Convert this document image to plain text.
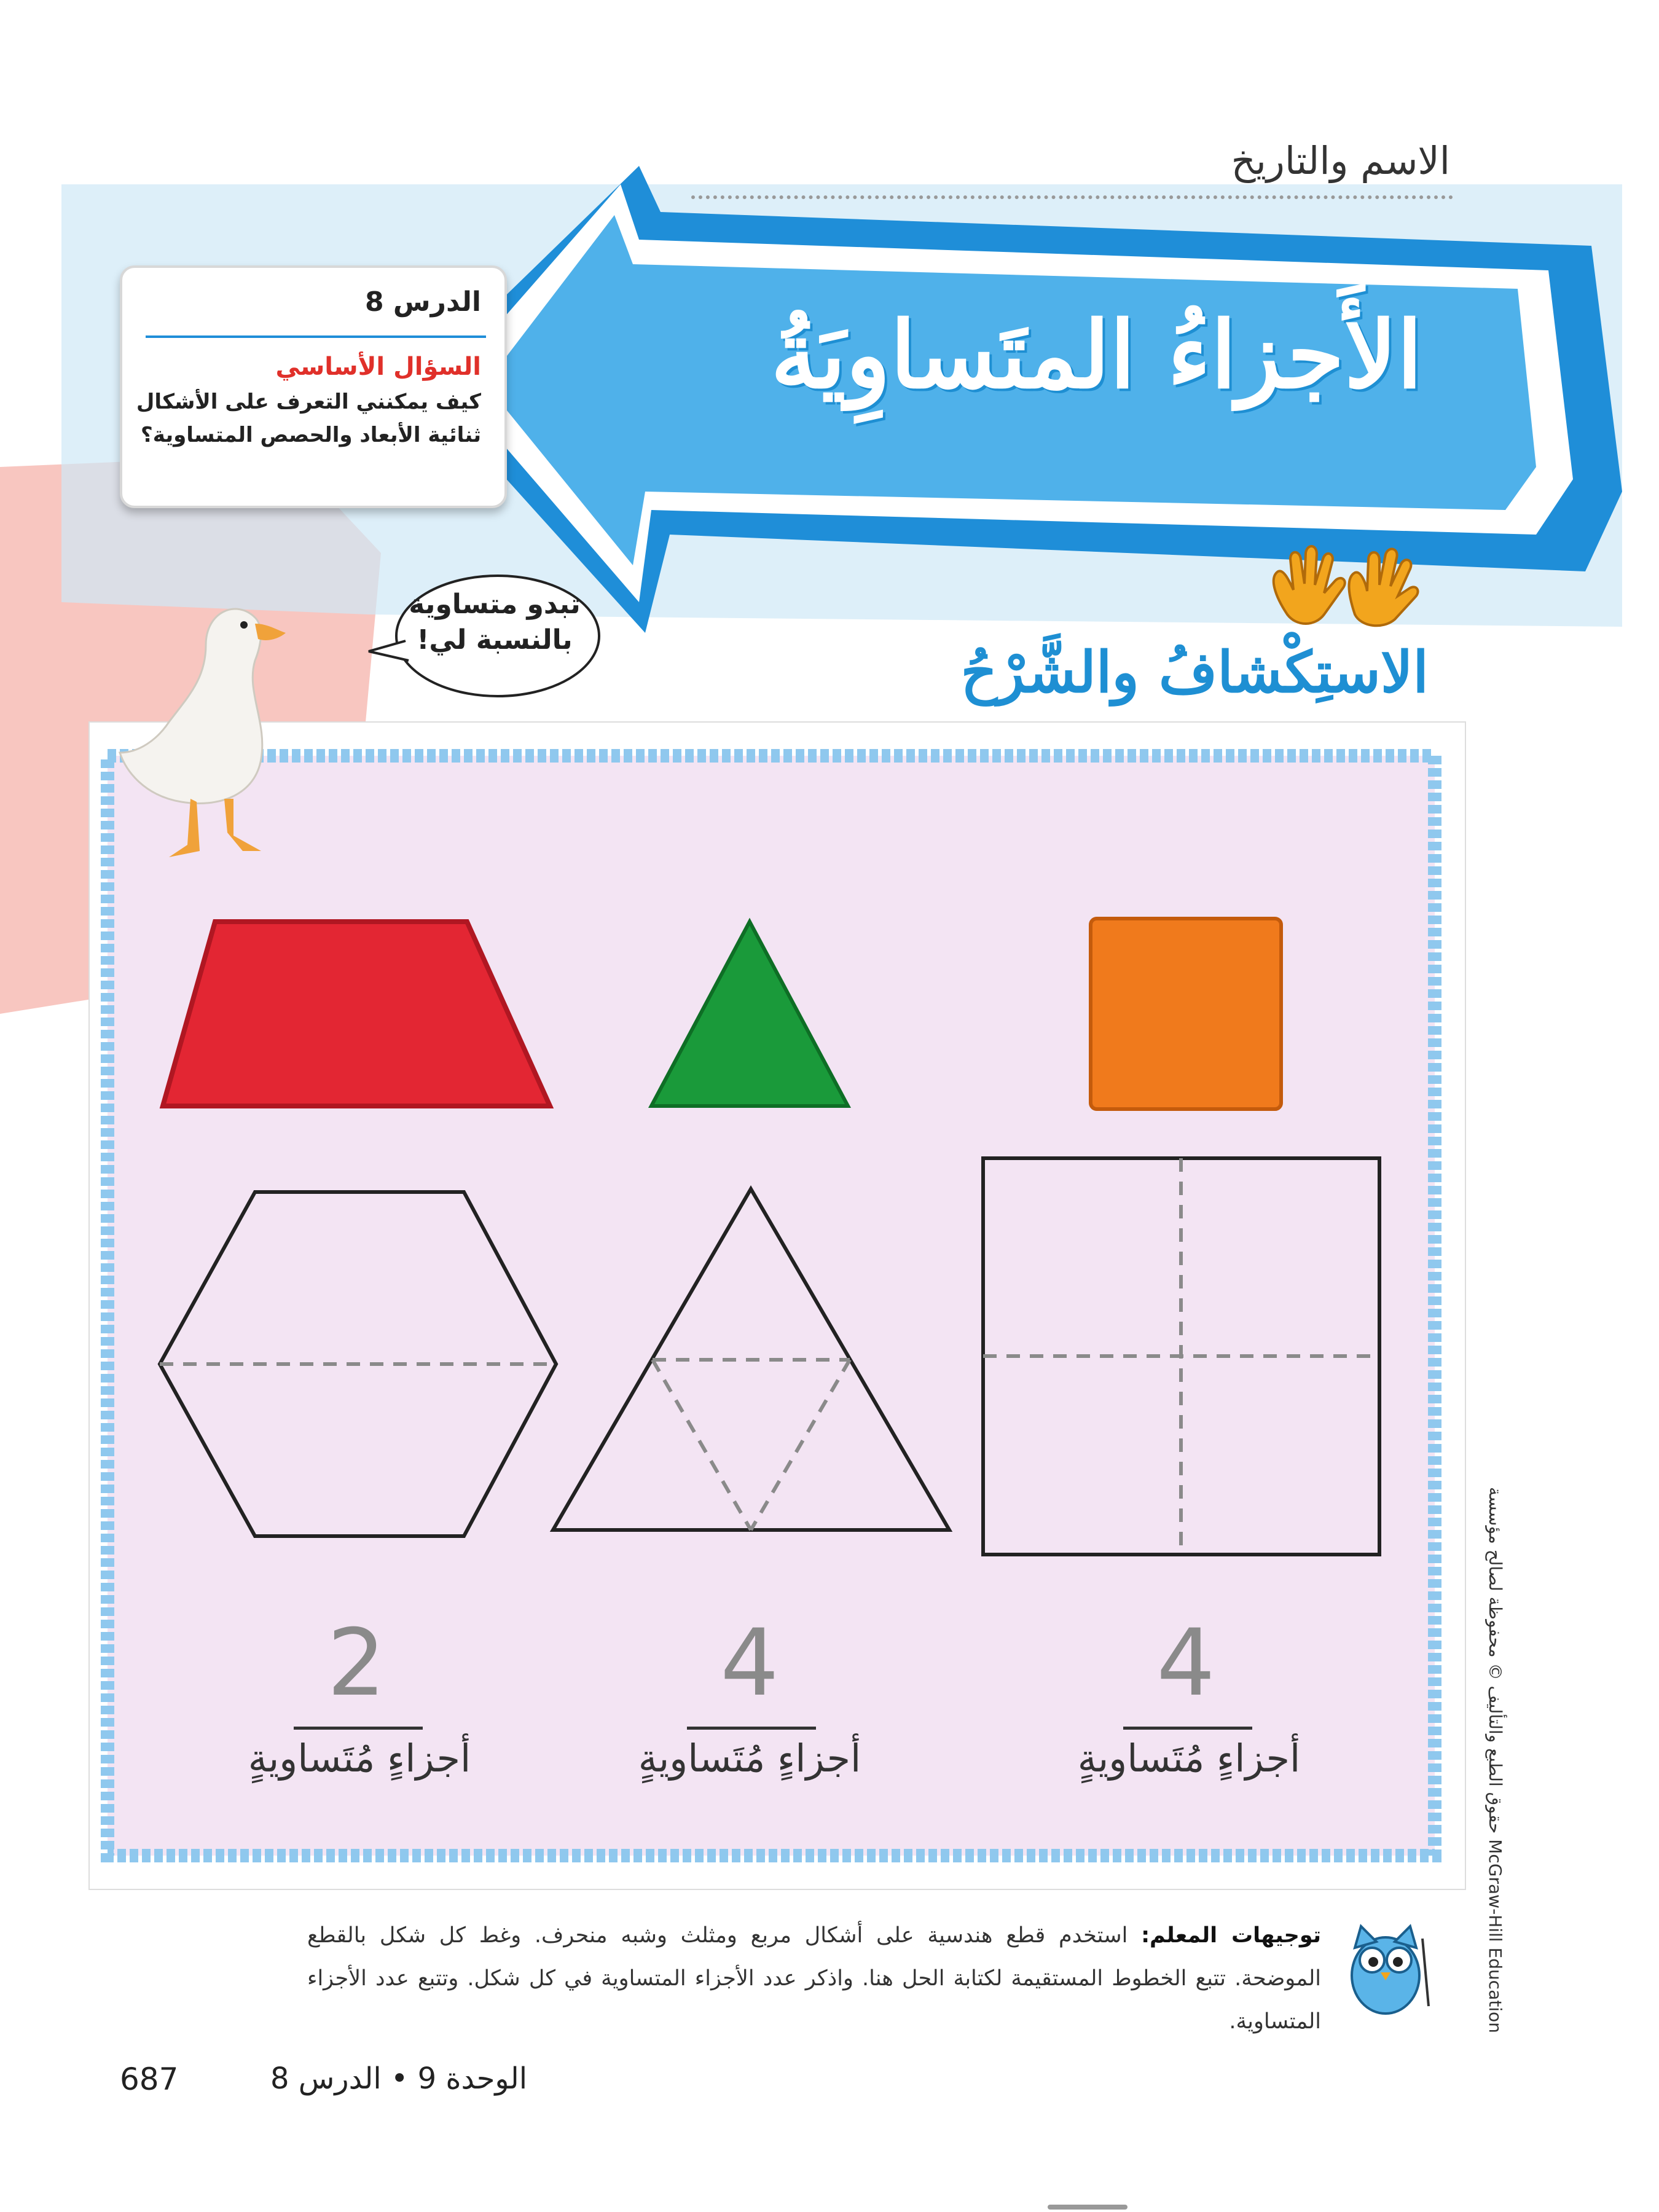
الاسم والتاريخ
الأَجزاءُ المتَساوِيَةُ
الدرس 8
السؤال الأساسي
كيف يمكنني التعرف على الأشكال
ثنائية الأبعاد والحصص المتساوية؟
تبدو متساوية
بالنسبة لي!	الاستِكْشافُ والشَّرْحُ
2
أجزاءٍ مُتَساويةٍ
4
أجزاءٍ مُتَساويةٍ
4
أجزاءٍ مُتَساويةٍ
توجيهات المعلم: استخدم قطع هندسية على أشكال مربع ومثلث وشبه منحرف. وغط كل شكل بالقطع الموضحة. تتبع الخطوط المستقيمة لكتابة الحل هنا. واذكر عدد الأجزاء المتساوية في كل شكل. وتتبع عدد الأجزاء المتساوية.
687	الوحدة 9 • الدرس 8
حقوق الطبع والتأليف © محفوظة لصالح مؤسسة McGraw-Hill Education
